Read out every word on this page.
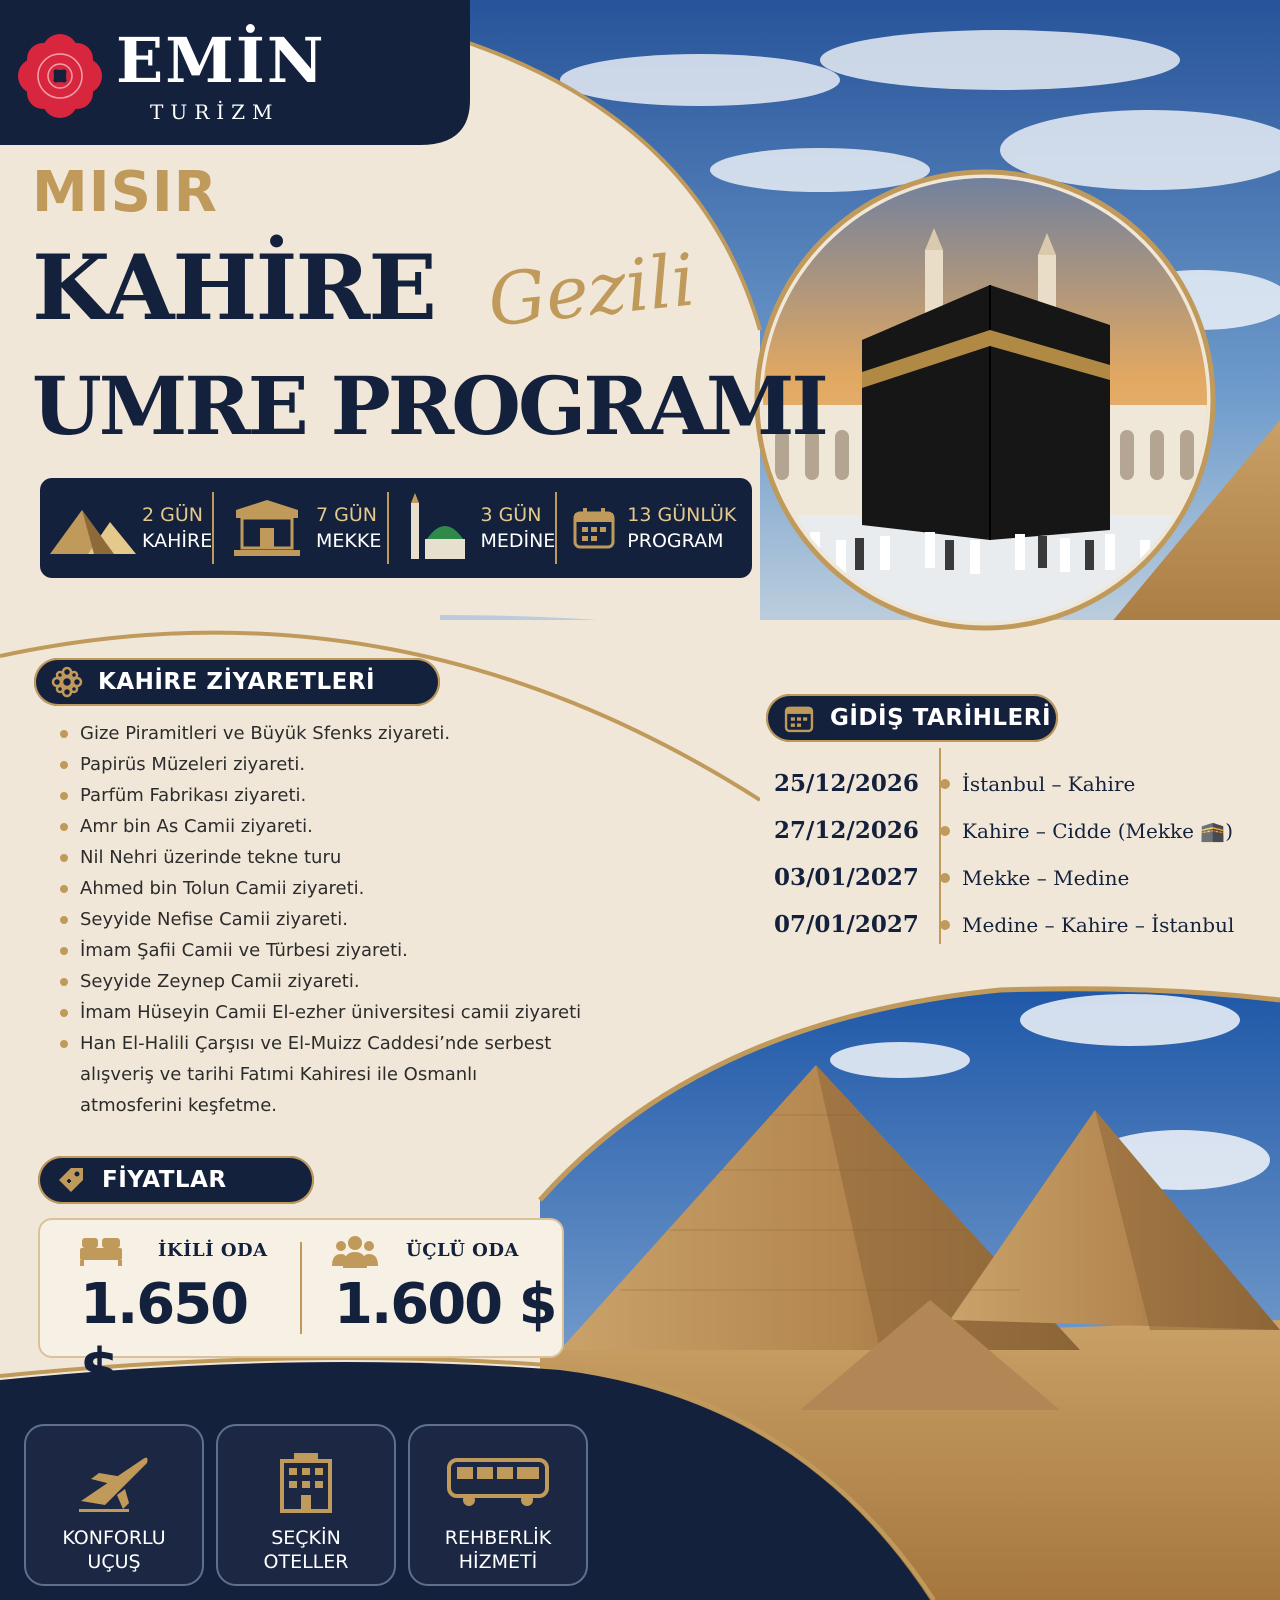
EMİN
TURİZM
MISIR
KAHİRE Gezili
UMRE PROGRAMI
2 GÜN
KAHİRE
7 GÜN
MEKKE
3 GÜN
MEDİNE
13 GÜNLÜK
PROGRAM
KAHİRE ZİYARETLERİ
Gize Piramitleri ve Büyük Sfenks ziyareti.
Papirüs Müzeleri ziyareti.
Parfüm Fabrikası ziyareti.
Amr bin As Camii ziyareti.
Nil Nehri üzerinde tekne turu
Ahmed bin Tolun Camii ziyareti.
Seyyide Nefise Camii ziyareti.
İmam Şafii Camii ve Türbesi ziyareti.
Seyyide Zeynep Camii ziyareti.
İmam Hüseyin Camii El-ezher üniversitesi camii ziyareti
Han El-Halili Çarşısı ve El-Muizz Caddesi’nde serbest alışveriş ve tarihi Fatımi Kahiresi ile Osmanlı atmosferini keşfetme.
GİDİŞ TARİHLERİ
25/12/2026	İstanbul – Kahire
27/12/2026	Kahire – Cidde (Mekke 🕋)
03/01/2027	Mekke – Medine
07/01/2027	Medine – Kahire – İstanbul
FİYATLAR
İKİLİ ODA
1.650 $
ÜÇLÜ ODA
1.600 $
KONFORLU
UÇUŞ
SEÇKİN
OTELLER
REHBERLİK
HİZMETİ
